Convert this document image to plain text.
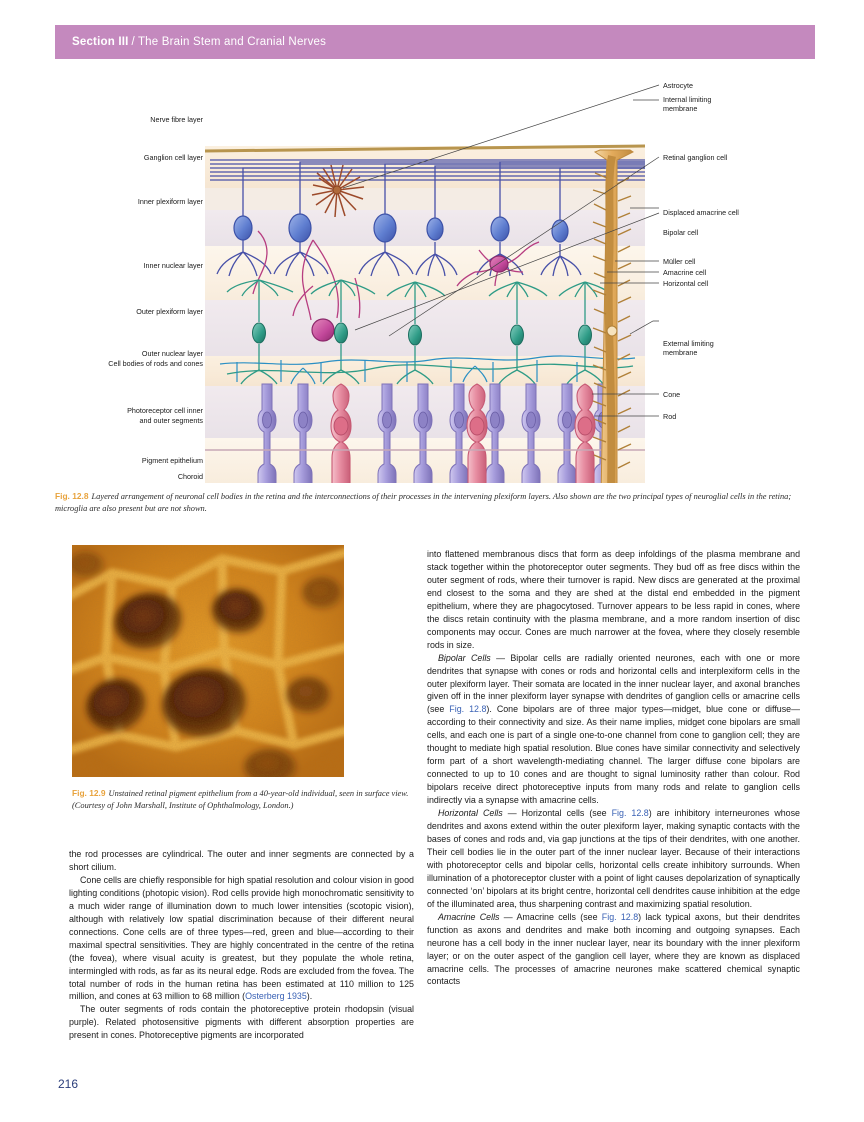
Section III / The Brain Stem and Cranial Nerves
Nerve fibre layer
Ganglion cell layer
Inner plexiform layer
Inner nuclear layer
Outer plexiform layer
Outer nuclear layer
Cell bodies of rods and cones
Photoreceptor cell inner
and outer segments
Pigment epithelium
Choroid
Astrocyte
Internal limiting
membrane
Retinal ganglion cell
Displaced amacrine cell
Bipolar cell
Müller cell
Amacrine cell
Horizontal cell
External limiting
membrane
Cone
Rod
Fig. 12.8 Layered arrangement of neuronal cell bodies in the retina and the interconnections of their processes in the intervening plexiform layers. Also shown are the two principal types of neuroglial cells in the retina; microglia are also present but are not shown.
Fig. 12.9 Unstained retinal pigment epithelium from a 40-year-old individual, seen in surface view. (Courtesy of John Marshall, Institute of Ophthalmology, London.)

the rod processes are cylindrical. The outer and inner segments are connected by a short cilium.

Cone cells are chiefly responsible for high spatial resolution and colour vision in good lighting conditions (photopic vision). Rod cells provide high monochromatic sensitivity to a much wider range of illumination down to much lower intensities (scotopic vision), although with relatively low spatial discrimination because of their different neural connections. Cone cells are of three types—red, green and blue—according to their maximal spectral sensitivities. They are highly concentrated in the centre of the retina (the fovea), where visual acuity is greatest, but they populate the whole retina, intermingled with rods, as far as its neural edge. Rods are excluded from the fovea. The total number of rods in the human retina has been estimated at 110 million to 125 million, and cones at 63 million to 68 million (Osterberg 1935).

The outer segments of rods contain the photoreceptive protein rhodopsin (visual purple). Related photosensitive pigments with different absorption properties are present in cones. Photoreceptive pigments are incorporated

into flattened membranous discs that form as deep infoldings of the plasma membrane and stack together within the photoreceptor outer segments. They bud off as free discs within the outer segment of rods, where their turnover is rapid. New discs are generated at the proximal end closest to the soma and they are shed at the distal end embedded in the pigment epithelium, where they are phagocytosed. Turnover appears to be less rapid in cones, where the discs retain continuity with the plasma membrane, and a more random insertion of disc components may occur. Cones are much narrower at the fovea, where they closely resemble rods in size.

Bipolar Cells — Bipolar cells are radially oriented neurones, each with one or more dendrites that synapse with cones or rods and horizontal cells and interplexiform cells in the outer plexiform layer. Their somata are located in the inner nuclear layer, and axonal branches given off in the inner plexiform layer synapse with dendrites of ganglion cells or amacrine cells (see Fig. 12.8). Cone bipolars are of three major types—midget, blue cone or diffuse—according to their connectivity and size. As their name implies, midget cone bipolars are small cells, and each one is part of a single one-to-one channel from cone to ganglion cell; they are thought to mediate high spatial resolution. Blue cones have similar connectivity and selectively form part of a short wavelength-mediating channel. The larger diffuse cone bipolars are connected to up to 10 cones and are thought to signal luminosity rather than colour. Rod bipolars receive direct photoreceptive inputs from many rods and relate to ganglion cells indirectly via a synapse with amacrine cells.

Horizontal Cells — Horizontal cells (see Fig. 12.8) are inhibitory interneurones whose dendrites and axons extend within the outer plexiform layer, making synaptic contacts with the bases of cones and rods and, via gap junctions at the tips of their dendrites, with one another. Their cell bodies lie in the outer part of the inner nuclear layer. Because of their interactions with photoreceptor cells and bipolar cells, horizontal cells create inhibitory surrounds. When illumination of a photoreceptor cluster with a point of light causes depolarization of synaptically connected ‘on’ bipolars at its bright centre, horizontal cell dendrites cause inhibition at the edge of the illuminated area, thus sharpening contrast and maximizing spatial resolution.

Amacrine Cells — Amacrine cells (see Fig. 12.8) lack typical axons, but their dendrites function as axons and dendrites and make both incoming and outgoing synapses. Each neurone has a cell body in the inner nuclear layer, near its boundary with the inner plexiform layer; or on the outer aspect of the ganglion cell layer, where they are known as displaced amacrine cells. The processes of amacrine neurones make scattered chemical synaptic contacts

216
